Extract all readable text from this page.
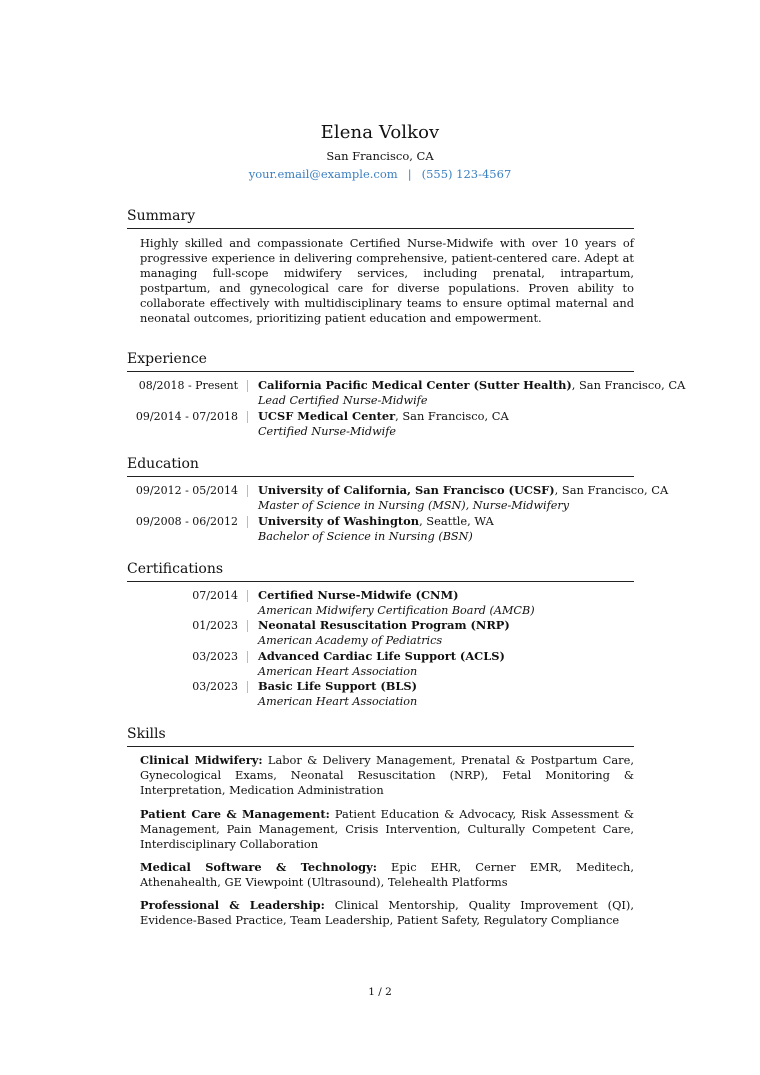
Elena Volkov
San Francisco, CA
your.email@example.com | (555) 123-4567
Summary
Highly skilled and compassionate Certified Nurse-Midwife with over 10 years of progressive experience in delivering comprehensive, patient-centered care. Adept at managing full-scope midwifery services, including prenatal, intrapartum, postpartum, and gynecological care for diverse populations. Proven ability to collaborate effectively with multidisciplinary teams to ensure optimal maternal and neonatal outcomes, prioritizing patient education and empowerment.
Experience
08/2018 - Present California Pacific Medical Center (Sutter Health), San Francisco, CA
Lead Certified Nurse-Midwife
09/2014 - 07/2018 UCSF Medical Center, San Francisco, CA
Certified Nurse-Midwife
Education
09/2012 - 05/2014 University of California, San Francisco (UCSF), San Francisco, CA
Master of Science in Nursing (MSN), Nurse-Midwifery
09/2008 - 06/2012 University of Washington, Seattle, WA
Bachelor of Science in Nursing (BSN)
Certifications
07/2014 Certified Nurse-Midwife (CNM)
American Midwifery Certification Board (AMCB)
01/2023 Neonatal Resuscitation Program (NRP)
American Academy of Pediatrics
03/2023 Advanced Cardiac Life Support (ACLS)
American Heart Association
03/2023 Basic Life Support (BLS)
American Heart Association
Skills
Clinical Midwifery: Labor & Delivery Management, Prenatal & Postpartum Care, Gynecological Exams, Neonatal Resuscitation (NRP), Fetal Monitoring & Interpretation, Medication Administration
Patient Care & Management: Patient Education & Advocacy, Risk Assessment & Management, Pain Management, Crisis Intervention, Culturally Competent Care, Interdisciplinary Collaboration
Medical Software & Technology: Epic EHR, Cerner EMR, Meditech, Athenahealth, GE Viewpoint (Ultrasound), Telehealth Platforms
Professional & Leadership: Clinical Mentorship, Quality Improvement (QI), Evidence-Based Practice, Team Leadership, Patient Safety, Regulatory Compliance
1 / 2
